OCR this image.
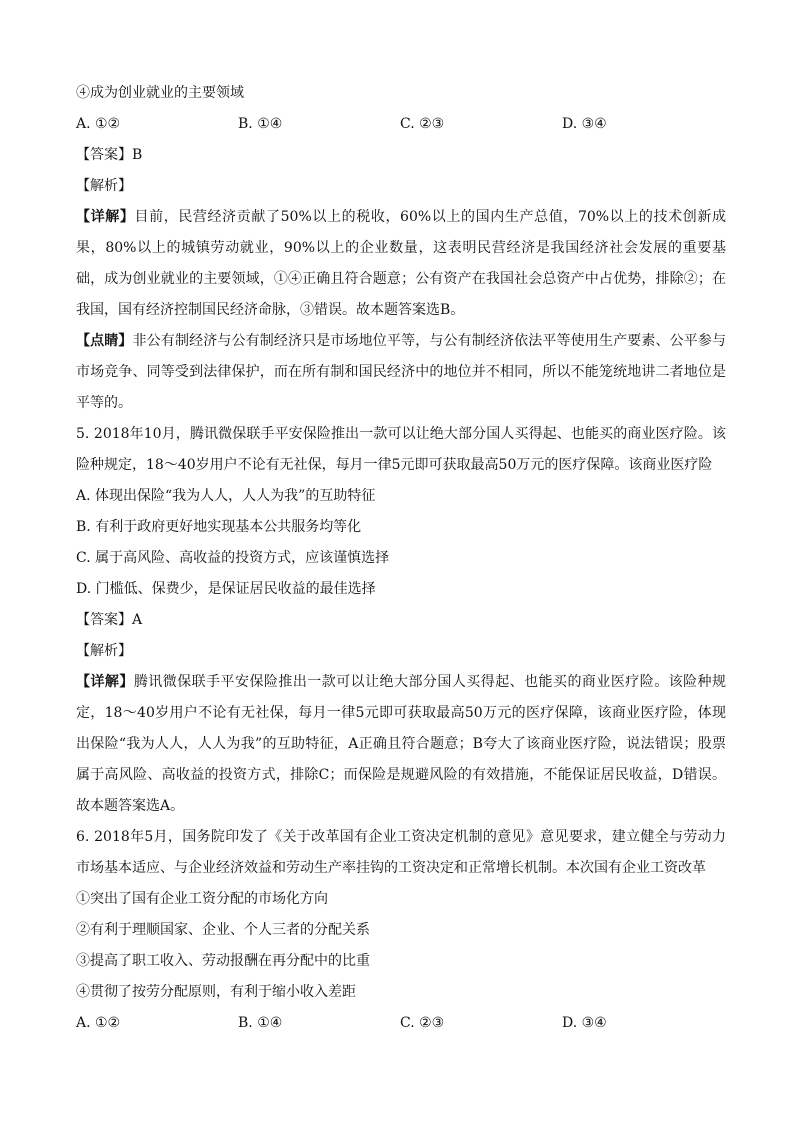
④成为创业就业的主要领域
A. ①②	B. ①④	C. ②③	D. ③④
【答案】B
【解析】
【详解】目前，民营经济贡献了50%以上的税收，60%以上的国内生产总值，70%以上的技术创新成果，80%以上的城镇劳动就业，90%以上的企业数量，这表明民营经济是我国经济社会发展的重要基础，成为创业就业的主要领域，①④正确且符合题意；公有资产在我国社会总资产中占优势，排除②；在我国，国有经济控制国民经济命脉，③错误。故本题答案选B。
【点睛】非公有制经济与公有制经济只是市场地位平等，与公有制经济依法平等使用生产要素、公平参与市场竞争、同等受到法律保护，而在所有制和国民经济中的地位并不相同，所以不能笼统地讲二者地位是平等的。
5. 2018年10月，腾讯微保联手平安保险推出一款可以让绝大部分国人买得起、也能买的商业医疗险。该险种规定，18～40岁用户不论有无社保，每月一律5元即可获取最高50万元的医疗保障。该商业医疗险
A. 体现出保险“我为人人，人人为我”的互助特征
B. 有利于政府更好地实现基本公共服务均等化
C. 属于高风险、高收益的投资方式，应该谨慎选择
D. 门槛低、保费少，是保证居民收益的最佳选择
【答案】A
【解析】
【详解】腾讯微保联手平安保险推出一款可以让绝大部分国人买得起、也能买的商业医疗险。该险种规定，18～40岁用户不论有无社保，每月一律5元即可获取最高50万元的医疗保障，该商业医疗险，体现出保险“我为人人，人人为我”的互助特征，A正确且符合题意；B夸大了该商业医疗险，说法错误；股票属于高风险、高收益的投资方式，排除C；而保险是规避风险的有效措施，不能保证居民收益，D错误。故本题答案选A。
6. 2018年5月，国务院印发了《关于改革国有企业工资决定机制的意见》意见要求，建立健全与劳动力市场基本适应、与企业经济效益和劳动生产率挂钩的工资决定和正常增长机制。本次国有企业工资改革
①突出了国有企业工资分配的市场化方向
②有利于理顺国家、企业、个人三者的分配关系
③提高了职工收入、劳动报酬在再分配中的比重
④贯彻了按劳分配原则，有利于缩小收入差距
A. ①②	B. ①④	C. ②③	D. ③④
